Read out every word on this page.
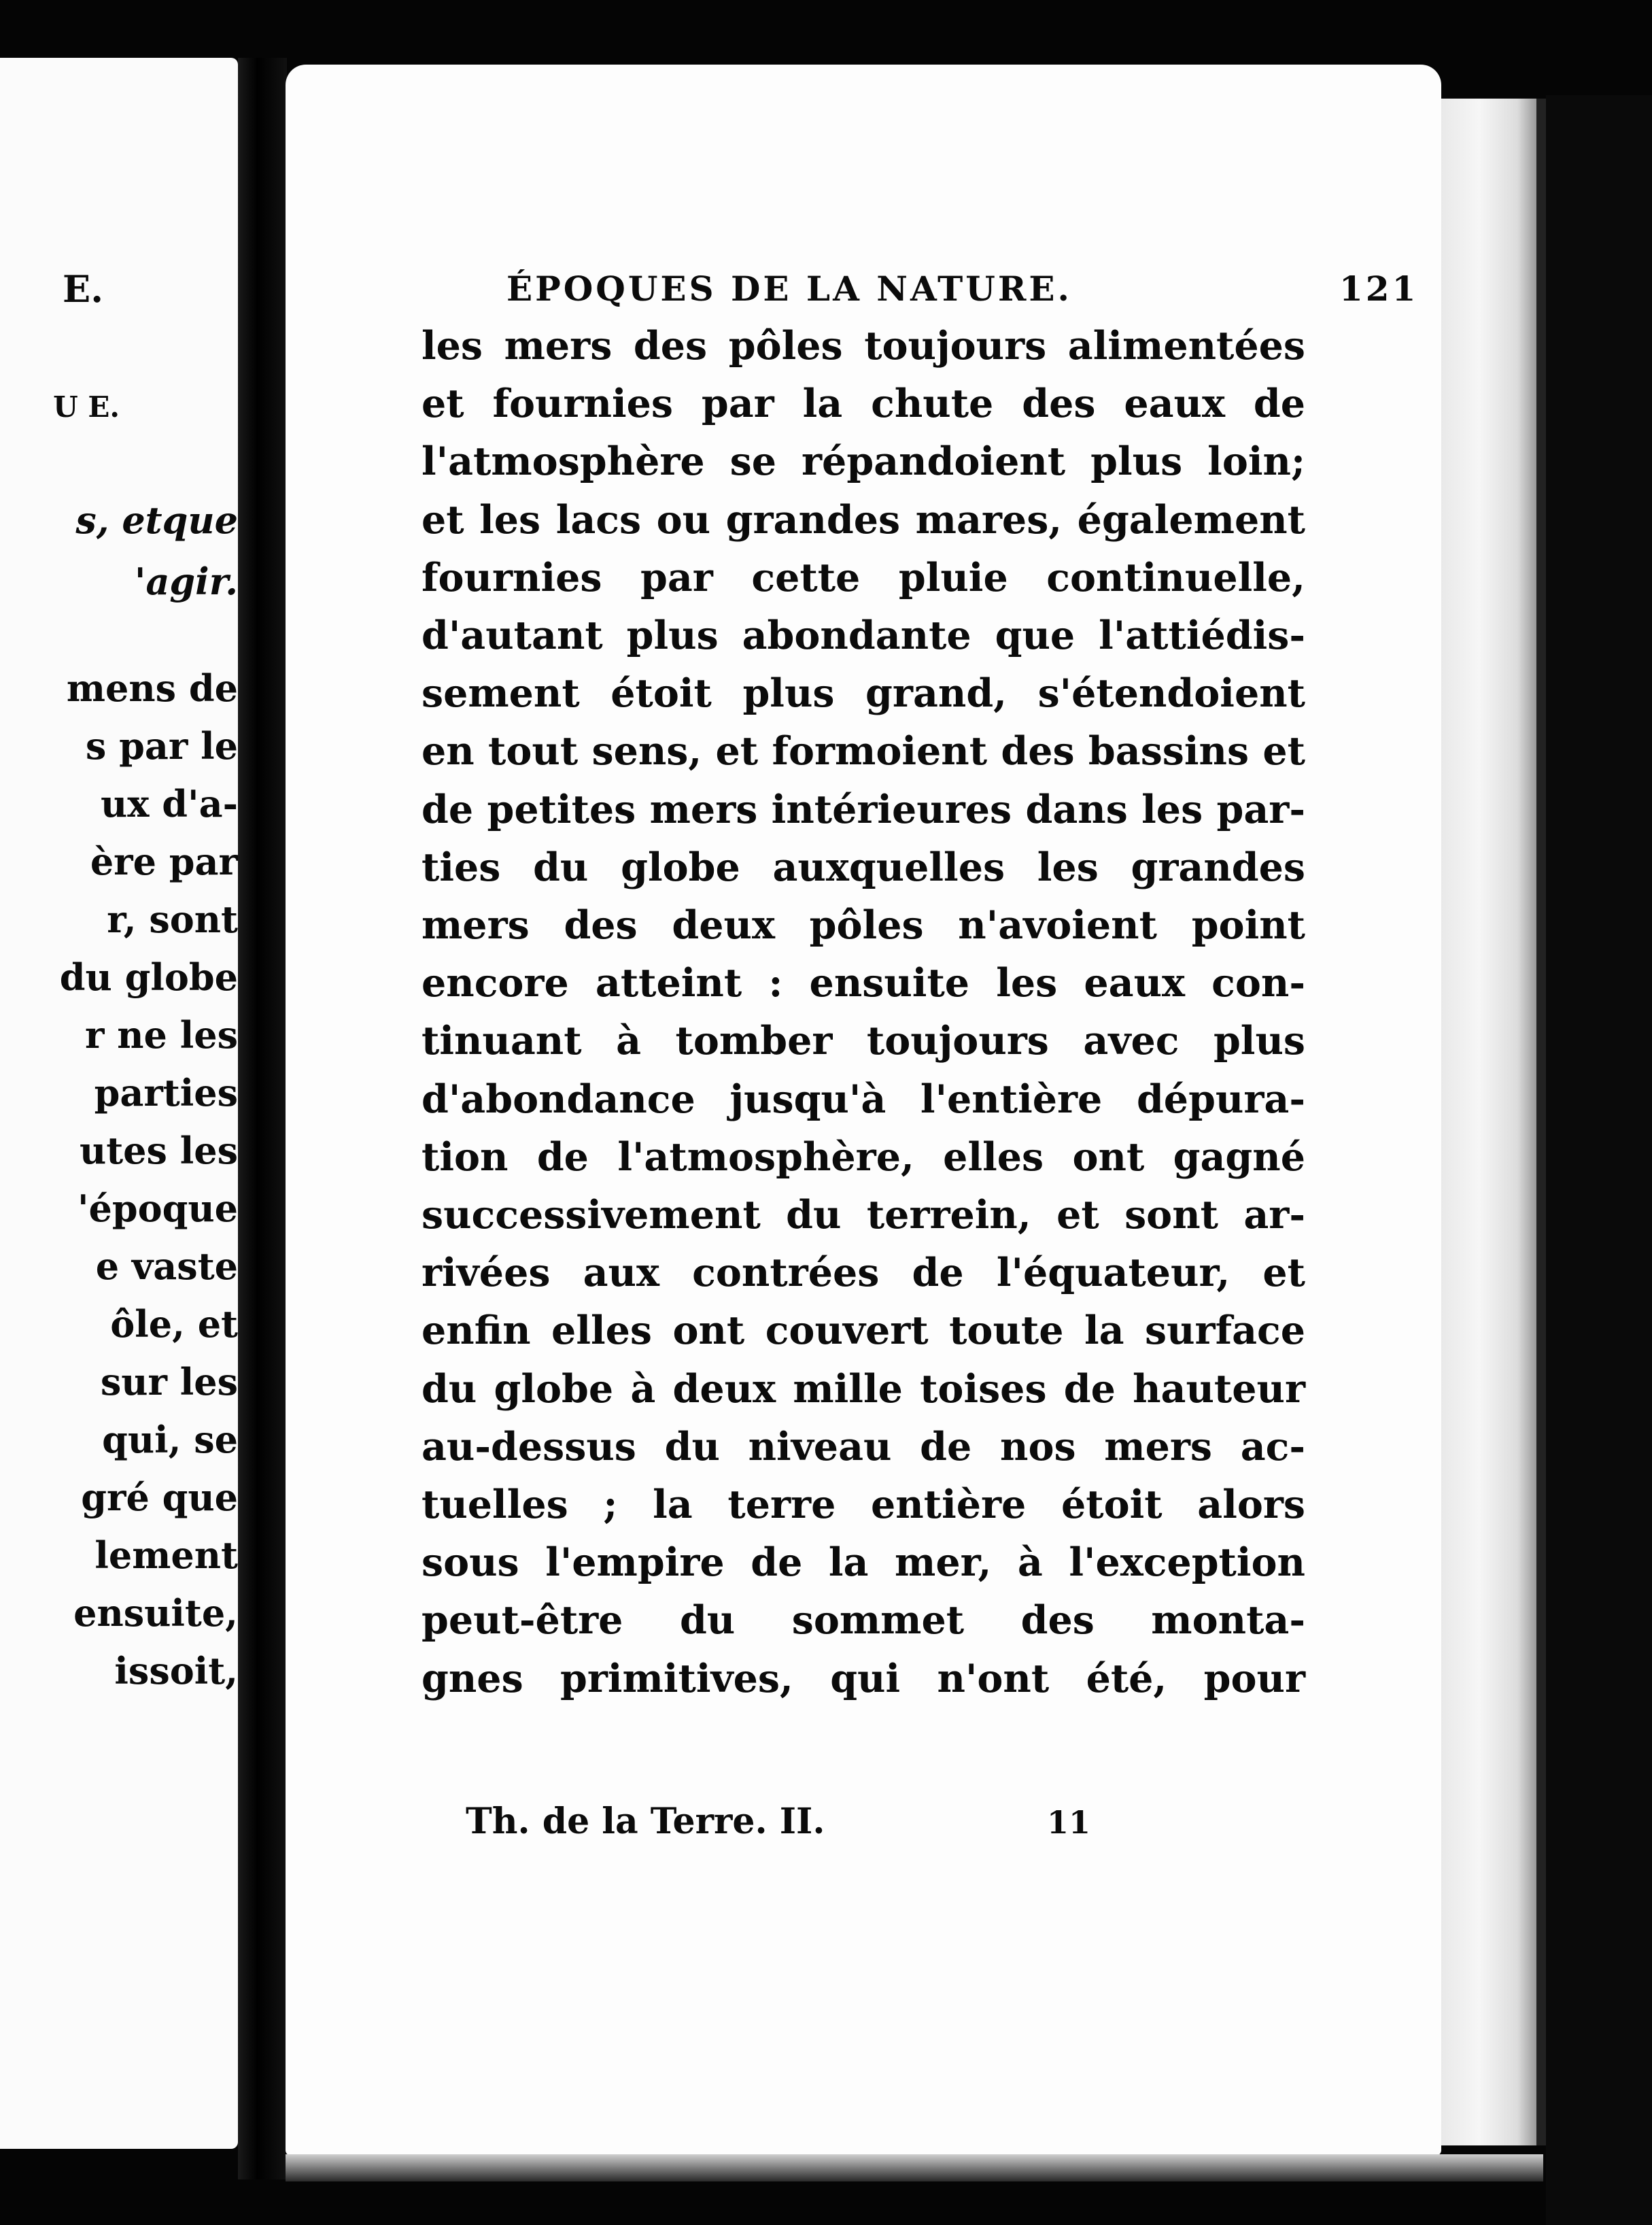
E.
U E.
s, etque
'agir.
mens de
s par le
ux d'a-
ère par
r, sont
du globe
r ne les
parties
utes les
'époque
e vaste
ôle, et
sur les
qui, se
gré que
lement
ensuite,
issoit,
ÉPOQUES DE LA NATURE.	121
les mers des pôles toujours alimentées
et fournies par la chute des eaux de
l'atmosphère se répandoient plus loin;
et les lacs ou grandes mares, également
fournies par cette pluie continuelle,
d'autant plus abondante que l'attiédis-
sement étoit plus grand, s'étendoient
en tout sens, et formoient des bassins et
de petites mers intérieures dans les par-
ties du globe auxquelles les grandes
mers des deux pôles n'avoient point
encore atteint : ensuite les eaux con-
tinuant à tomber toujours avec plus
d'abondance jusqu'à l'entière dépura-
tion de l'atmosphère, elles ont gagné
successivement du terrein, et sont ar-
rivées aux contrées de l'équateur, et
enfin elles ont couvert toute la surface
du globe à deux mille toises de hauteur
au-dessus du niveau de nos mers ac-
tuelles ; la terre entière étoit alors
sous l'empire de la mer, à l'exception
peut-être du sommet des monta-
gnes primitives, qui n'ont été, pour
Th. de la Terre. II.	11
